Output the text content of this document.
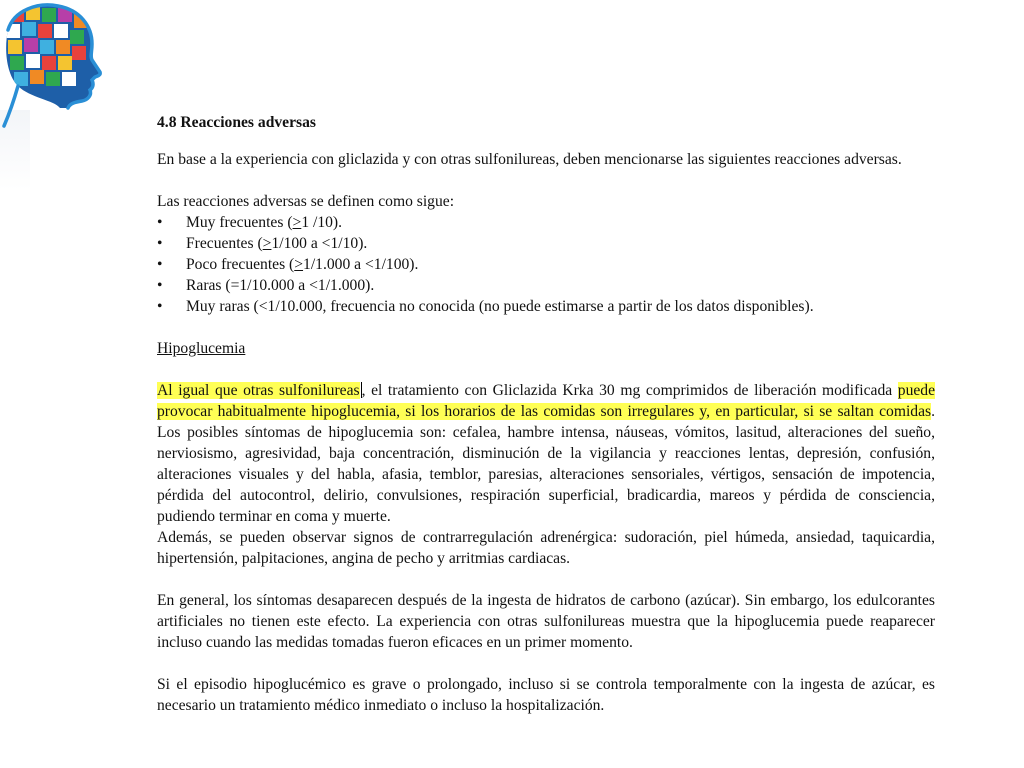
4.8 Reacciones adversas

En base a la experiencia con gliclazida y con otras sulfonilureas, deben mencionarse las siguientes reacciones adversas.

Las reacciones adversas se definen como sigue:

• Muy frecuentes (>1 /10).
• Frecuentes (>1/100 a <1/10).
• Poco frecuentes (>1/1.000 a <1/100).
• Raras (=1/10.000 a <1/1.000).
• Muy raras (<1/10.000, frecuencia no conocida (no puede estimarse a partir de los datos disponibles).

Hipoglucemia

Al igual que otras sulfonilureas , el tratamiento con Gliclazida Krka 30 mg comprimidos de liberación modificada puede provocar habitualmente hipoglucemia, si los horarios de las comidas son irregulares y, en particular, si se saltan comidas. Los posibles síntomas de hipoglucemia son: cefalea, hambre intensa, náuseas, vómitos, lasitud, alteraciones del sueño, nerviosismo, agresividad, baja concentración, disminución de la vigilancia y reacciones lentas, depresión, confusión, alteraciones visuales y del habla, afasia, temblor, paresias, alteraciones sensoriales, vértigos, sensación de impotencia, pérdida del autocontrol, delirio, convulsiones, respiración superficial, bradicardia, mareos y pérdida de consciencia, pudiendo terminar en coma y muerte.

Además, se pueden observar signos de contrarregulación adrenérgica: sudoración, piel húmeda, ansiedad, taquicardia, hipertensión, palpitaciones, angina de pecho y arritmias cardiacas.

En general, los síntomas desaparecen después de la ingesta de hidratos de carbono (azúcar). Sin embargo, los edulcorantes artificiales no tienen este efecto. La experiencia con otras sulfonilureas muestra que la hipoglucemia puede reaparecer incluso cuando las medidas tomadas fueron eficaces en un primer momento.

Si el episodio hipoglucémico es grave o prolongado, incluso si se controla temporalmente con la ingesta de azúcar, es necesario un tratamiento médico inmediato o incluso la hospitalización.
